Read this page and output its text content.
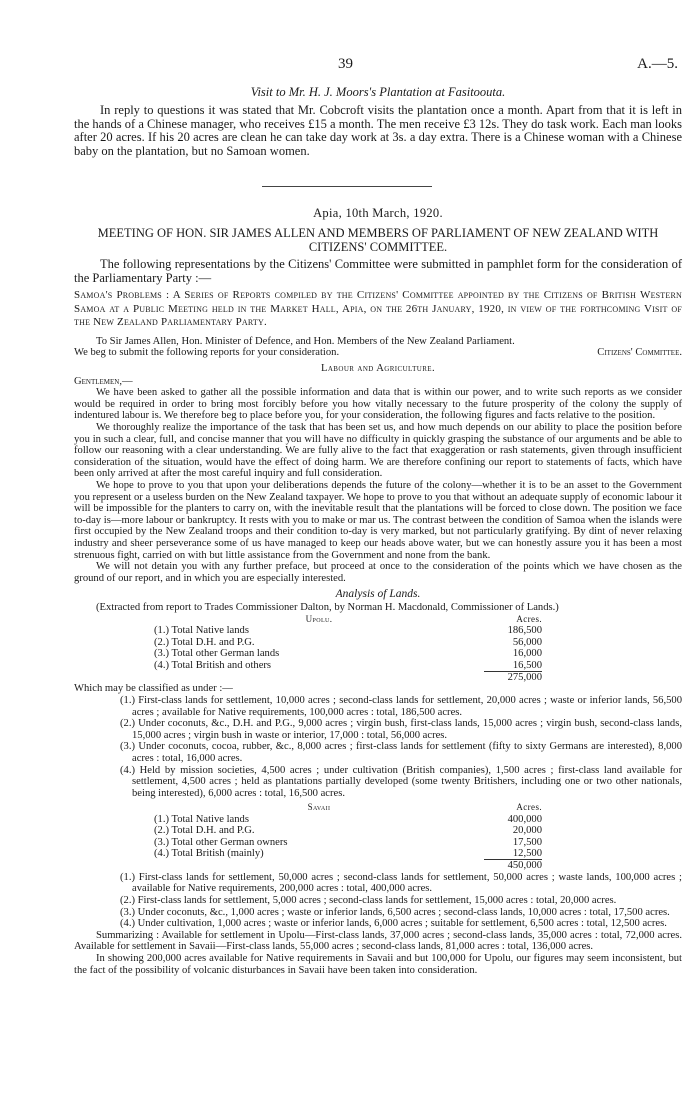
39	A.—5.

Visit to Mr. H. J. Moors's Plantation at Fasitoouta.

In reply to questions it was stated that Mr. Cobcroft visits the plantation once a month. Apart from that it is left in the hands of a Chinese manager, who receives £15 a month. The men receive £3 12s. They do task work. Each man looks after 20 acres. If his 20 acres are clean he can take day work at 3s. a day extra. There is a Chinese woman with a Chinese baby on the plantation, but no Samoan women.

Apia, 10th March, 1920.

MEETING OF HON. SIR JAMES ALLEN AND MEMBERS OF PARLIAMENT OF NEW ZEALAND WITH CITIZENS' COMMITTEE.

The following representations by the Citizens' Committee were submitted in pamphlet form for the consideration of the Parliamentary Party :—

Samoa's Problems : A Series of Reports compiled by the Citizens' Committee appointed by the Citizens of British Western Samoa at a Public Meeting held in the Market Hall, Apia, on the 26th January, 1920, in view of the forthcoming Visit of the New Zealand Parliamentary Party.

To Sir James Allen, Hon. Minister of Defence, and Hon. Members of the New Zealand Parliament.

We beg to submit the following reports for your consideration.	Citizens' Committee.

Labour and Agriculture.

Gentlemen,—

We have been asked to gather all the possible information and data that is within our power, and to write such reports as we consider would be required in order to bring most forcibly before you how vitally necessary to the future prosperity of the colony the supply of indentured labour is. We therefore beg to place before you, for your consideration, the following figures and facts relative to the position.

We thoroughly realize the importance of the task that has been set us, and how much depends on our ability to place the position before you in such a clear, full, and concise manner that you will have no difficulty in quickly grasping the substance of our arguments and be able to follow our reasoning with a clear understanding. We are fully alive to the fact that exaggeration or rash statements, given through insufficient consideration of the situation, would have the effect of doing harm. We are therefore confining our report to statements of facts, which have been only arrived at after the most careful inquiry and full consideration.

We hope to prove to you that upon your deliberations depends the future of the colony—whether it is to be an asset to the Government you represent or a useless burden on the New Zealand taxpayer. We hope to prove to you that without an adequate supply of economic labour it will be impossible for the planters to carry on, with the inevitable result that the plantations will be forced to close down. The position we face to-day is—more labour or bankruptcy. It rests with you to make or mar us. The contrast between the condition of Samoa when the islands were first occupied by the New Zealand troops and their condition to-day is very marked, but not particularly gratifying. By dint of never relaxing industry and sheer perseverance some of us have managed to keep our heads above water, but we can honestly assure you it has been a most strenuous fight, carried on with but little assistance from the Government and none from the bank.

We will not detain you with any further preface, but proceed at once to the consideration of the points which we have chosen as the ground of our report, and in which you are especially interested.

Analysis of Lands.

(Extracted from report to Trades Commissioner Dalton, by Norman H. Macdonald, Commissioner of Lands.)

Upolu.	Acres.
(1.) Total Native lands	186,500
(2.) Total D.H. and P.G.	56,000
(3.) Total other German lands	16,000
(4.) Total British and others	16,500
	275,000

Which may be classified as under :—

(1.) First-class lands for settlement, 10,000 acres ; second-class lands for settlement, 20,000 acres ; waste or inferior lands, 56,500 acres ; available for Native requirements, 100,000 acres : total, 186,500 acres.
(2.) Under coconuts, &c., D.H. and P.G., 9,000 acres ; virgin bush, first-class lands, 15,000 acres ; virgin bush, second-class lands, 15,000 acres ; virgin bush in waste or interior, 17,000 : total, 56,000 acres.
(3.) Under coconuts, cocoa, rubber, &c., 8,000 acres ; first-class lands for settlement (fifty to sixty Germans are interested), 8,000 acres : total, 16,000 acres.
(4.) Held by mission societies, 4,500 acres ; under cultivation (British companies), 1,500 acres ; first-class land available for settlement, 4,500 acres ; held as plantations partially developed (some twenty Britishers, including one or two other nationals, being interested), 6,000 acres : total, 16,500 acres.
Savaii	Acres.
(1.) Total Native lands	400,000
(2.) Total D.H. and P.G.	20,000
(3.) Total other German owners	17,500
(4.) Total British (mainly)	12,500
	450,000
(1.) First-class lands for settlement, 50,000 acres ; second-class lands for settlement, 50,000 acres ; waste lands, 100,000 acres ; available for Native requirements, 200,000 acres : total, 400,000 acres.
(2.) First-class lands for settlement, 5,000 acres ; second-class lands for settlement, 15,000 acres : total, 20,000 acres.
(3.) Under coconuts, &c., 1,000 acres ; waste or inferior lands, 6,500 acres ; second-class lands, 10,000 acres : total, 17,500 acres.
(4.) Under cultivation, 1,000 acres ; waste or inferior lands, 6,000 acres ; suitable for settlement, 6,500 acres : total, 12,500 acres.

Summarizing : Available for settlement in Upolu—First-class lands, 37,000 acres ; second-class lands, 35,000 acres : total, 72,000 acres. Available for settlement in Savaii—First-class lands, 55,000 acres ; second-class lands, 81,000 acres : total, 136,000 acres.

In showing 200,000 acres available for Native requirements in Savaii and but 100,000 for Upolu, our figures may seem inconsistent, but the fact of the possibility of volcanic disturbances in Savaii have been taken into consideration.
